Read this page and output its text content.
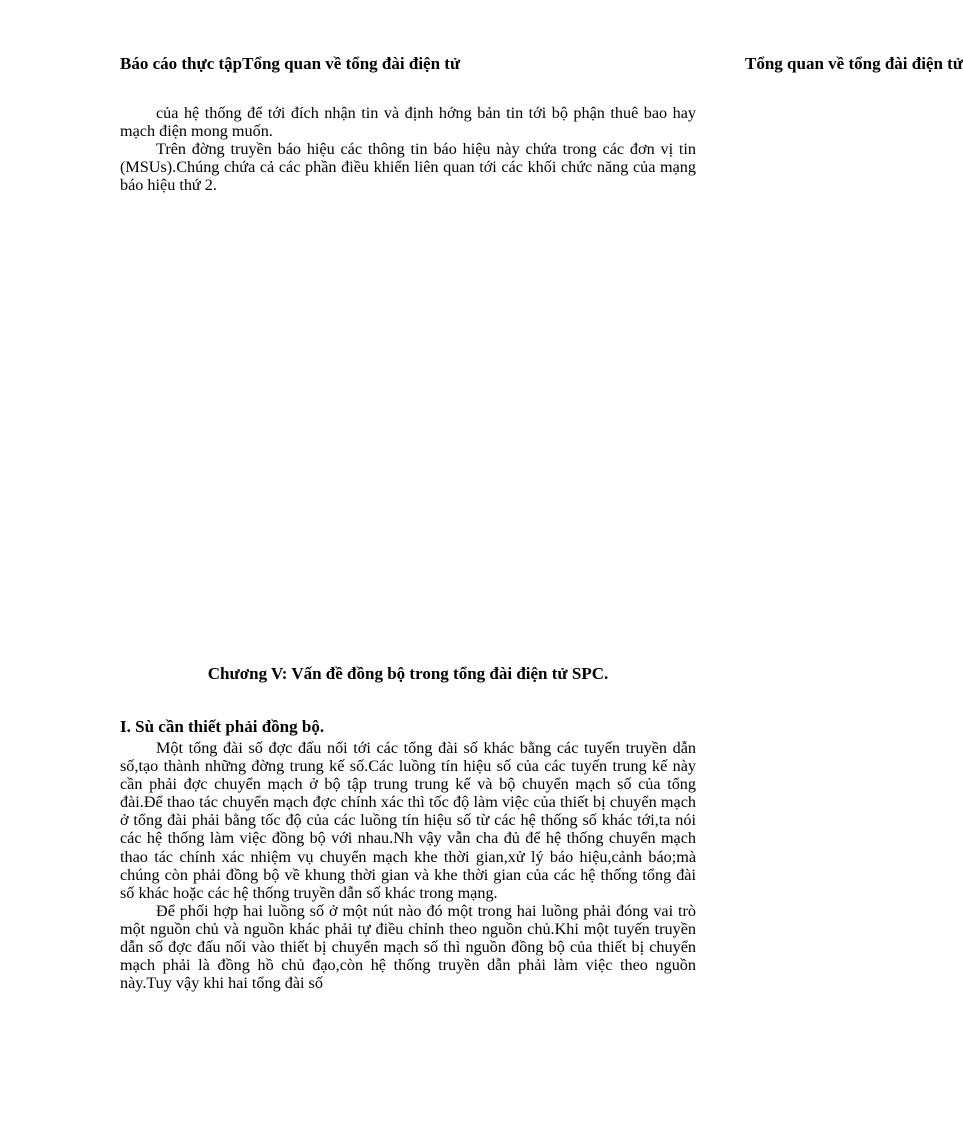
Báo cáo thực tậpTổng quan về tổng đài điện tử	Tổng quan về tổng đài điện tử

của hệ thống để tới đích nhận tin và định hớng bản tin tới bộ phận thuê bao hay mạch điện mong muốn.

Trên đờng truyền báo hiệu các thông tin báo hiệu này chứa trong các đơn vị tin (MSUs).Chúng chứa cả các phần điều khiển liên quan tới các khối chức năng của mạng báo hiệu thứ 2.

Chương V: Vấn đề đồng bộ trong tổng đài điện tử SPC.
I. Sù cần thiết phải đồng bộ.

Một tổng đài số đợc đấu nối tới các tổng đài số khác bằng các tuyến truyền dẫn số,tạo thành những đờng trung kế số.Các luồng tín hiệu số của các tuyến trung kế này cần phải đợc chuyển mạch ở bộ tập trung trung kế và bộ chuyển mạch số của tổng đài.Để thao tác chuyển mạch đợc chính xác thì tốc độ làm việc của thiết bị chuyển mạch ở tổng đài phải bằng tốc độ của các luồng tín hiệu số từ các hệ thống số khác tới,ta nói các hệ thống làm việc đồng bộ với nhau.Nh vậy vẫn cha đủ để hệ thống chuyển mạch thao tác chính xác nhiệm vụ chuyển mạch khe thời gian,xử lý báo hiệu,cảnh báo;mà chúng còn phải đồng bộ về khung thời gian và khe thời gian của các hệ thống tổng đài số khác hoặc các hệ thống truyền dẫn số khác trong mạng.

Để phối hợp hai luồng số ở một nút nào đó một trong hai luồng phải đóng vai trò một nguồn chủ và nguồn khác phải tự điều chỉnh theo nguồn chủ.Khi một tuyến truyền dẫn số đợc đấu nối vào thiết bị chuyển mạch số thì nguồn đồng bộ của thiết bị chuyển mạch phải là đồng hồ chủ đạo,còn hệ thống truyền dẫn phải làm việc theo nguồn này.Tuy vậy khi hai tổng đài số
